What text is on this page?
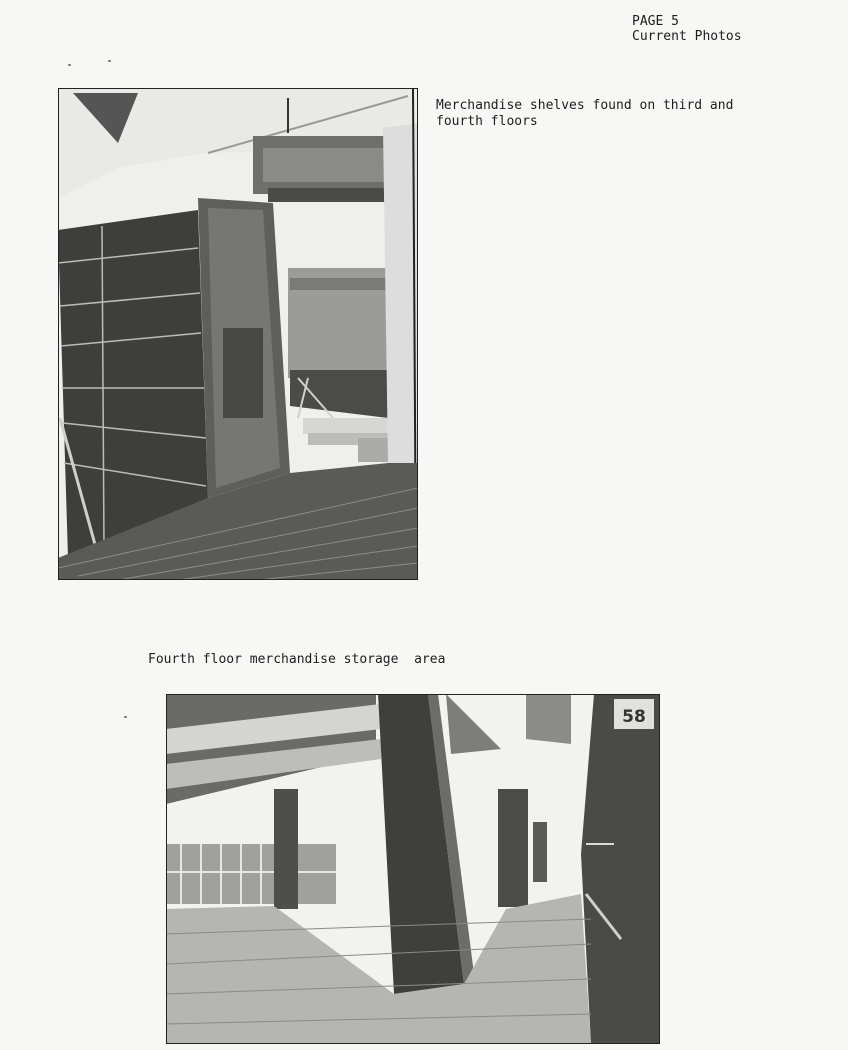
PAGE 5
Current Photos
Merchandise shelves found on third and
fourth floors
Fourth floor merchandise storage  area
58
